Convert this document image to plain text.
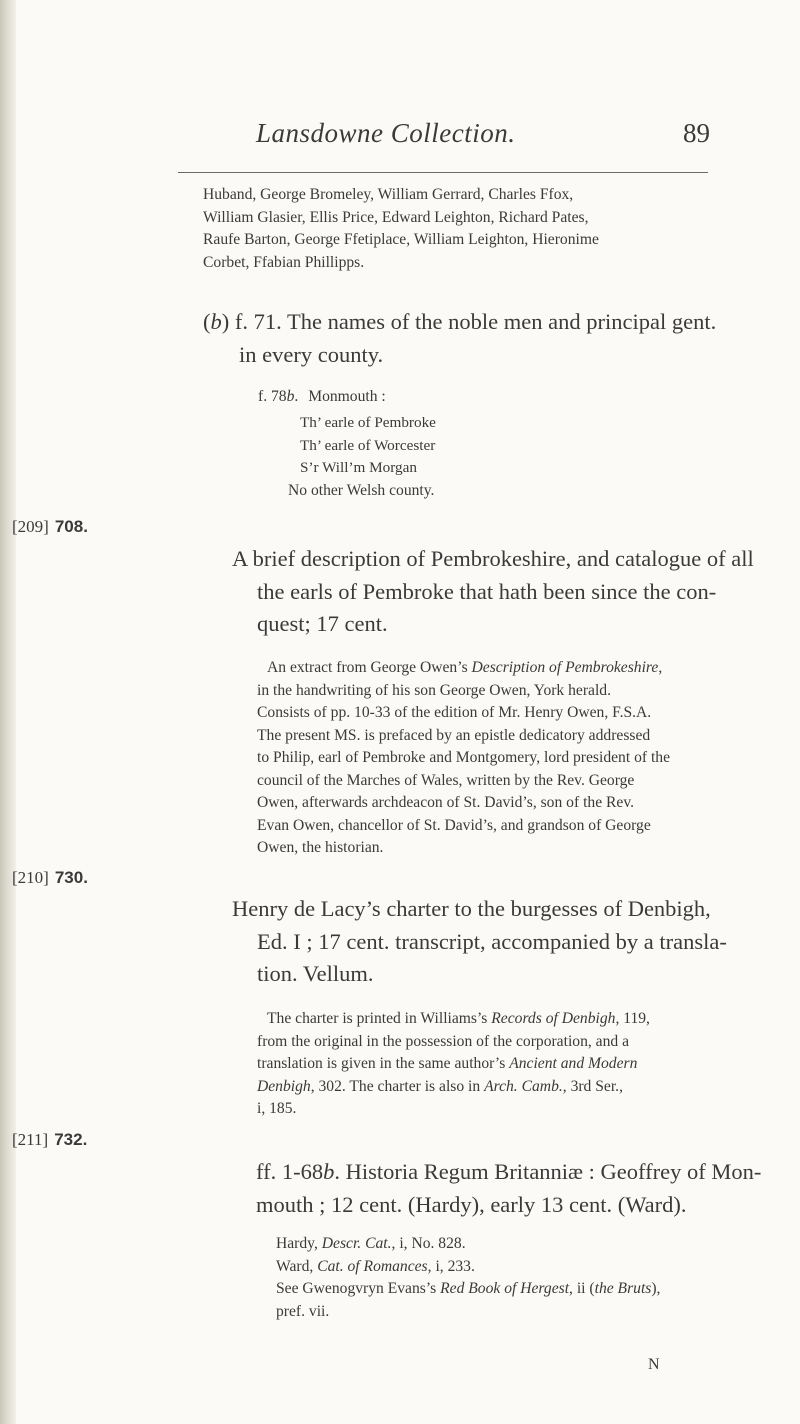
Lansdowne Collection.	89
Huband, George Bromeley, William Gerrard, Charles Ffox,
William Glasier, Ellis Price, Edward Leighton, Richard Pates,
Raufe Barton, George Ffetiplace, William Leighton, Hieronime
Corbet, Ffabian Phillipps.
(b) f. 71. The names of the noble men and principal gent.
in every county.
f. 78b. Monmouth :
Th’ earle of Pembroke
Th’ earle of Worcester
S’r Will’m Morgan
No other Welsh county.
[209] 708.
A brief description of Pembrokeshire, and catalogue of all
the earls of Pembroke that hath been since the con-
quest; 17 cent.
An extract from George Owen’s Description of Pembrokeshire,
in the handwriting of his son George Owen, York herald.
Consists of pp. 10-33 of the edition of Mr. Henry Owen, F.S.A.
The present MS. is prefaced by an epistle dedicatory addressed
to Philip, earl of Pembroke and Montgomery, lord president of the
council of the Marches of Wales, written by the Rev. George
Owen, afterwards archdeacon of St. David’s, son of the Rev.
Evan Owen, chancellor of St. David’s, and grandson of George
Owen, the historian.
[210] 730.
Henry de Lacy’s charter to the burgesses of Denbigh,
Ed. I ; 17 cent. transcript, accompanied by a transla-
tion. Vellum.
The charter is printed in Williams’s Records of Denbigh, 119,
from the original in the possession of the corporation, and a
translation is given in the same author’s Ancient and Modern
Denbigh, 302. The charter is also in Arch. Camb., 3rd Ser.,
i, 185.
[211] 732.
ff. 1-68b. Historia Regum Britanniæ : Geoffrey of Mon-
mouth ; 12 cent. (Hardy), early 13 cent. (Ward).
Hardy, Descr. Cat., i, No. 828.
Ward, Cat. of Romances, i, 233.
See Gwenogvryn Evans’s Red Book of Hergest, ii (the Bruts),
pref. vii.
N
